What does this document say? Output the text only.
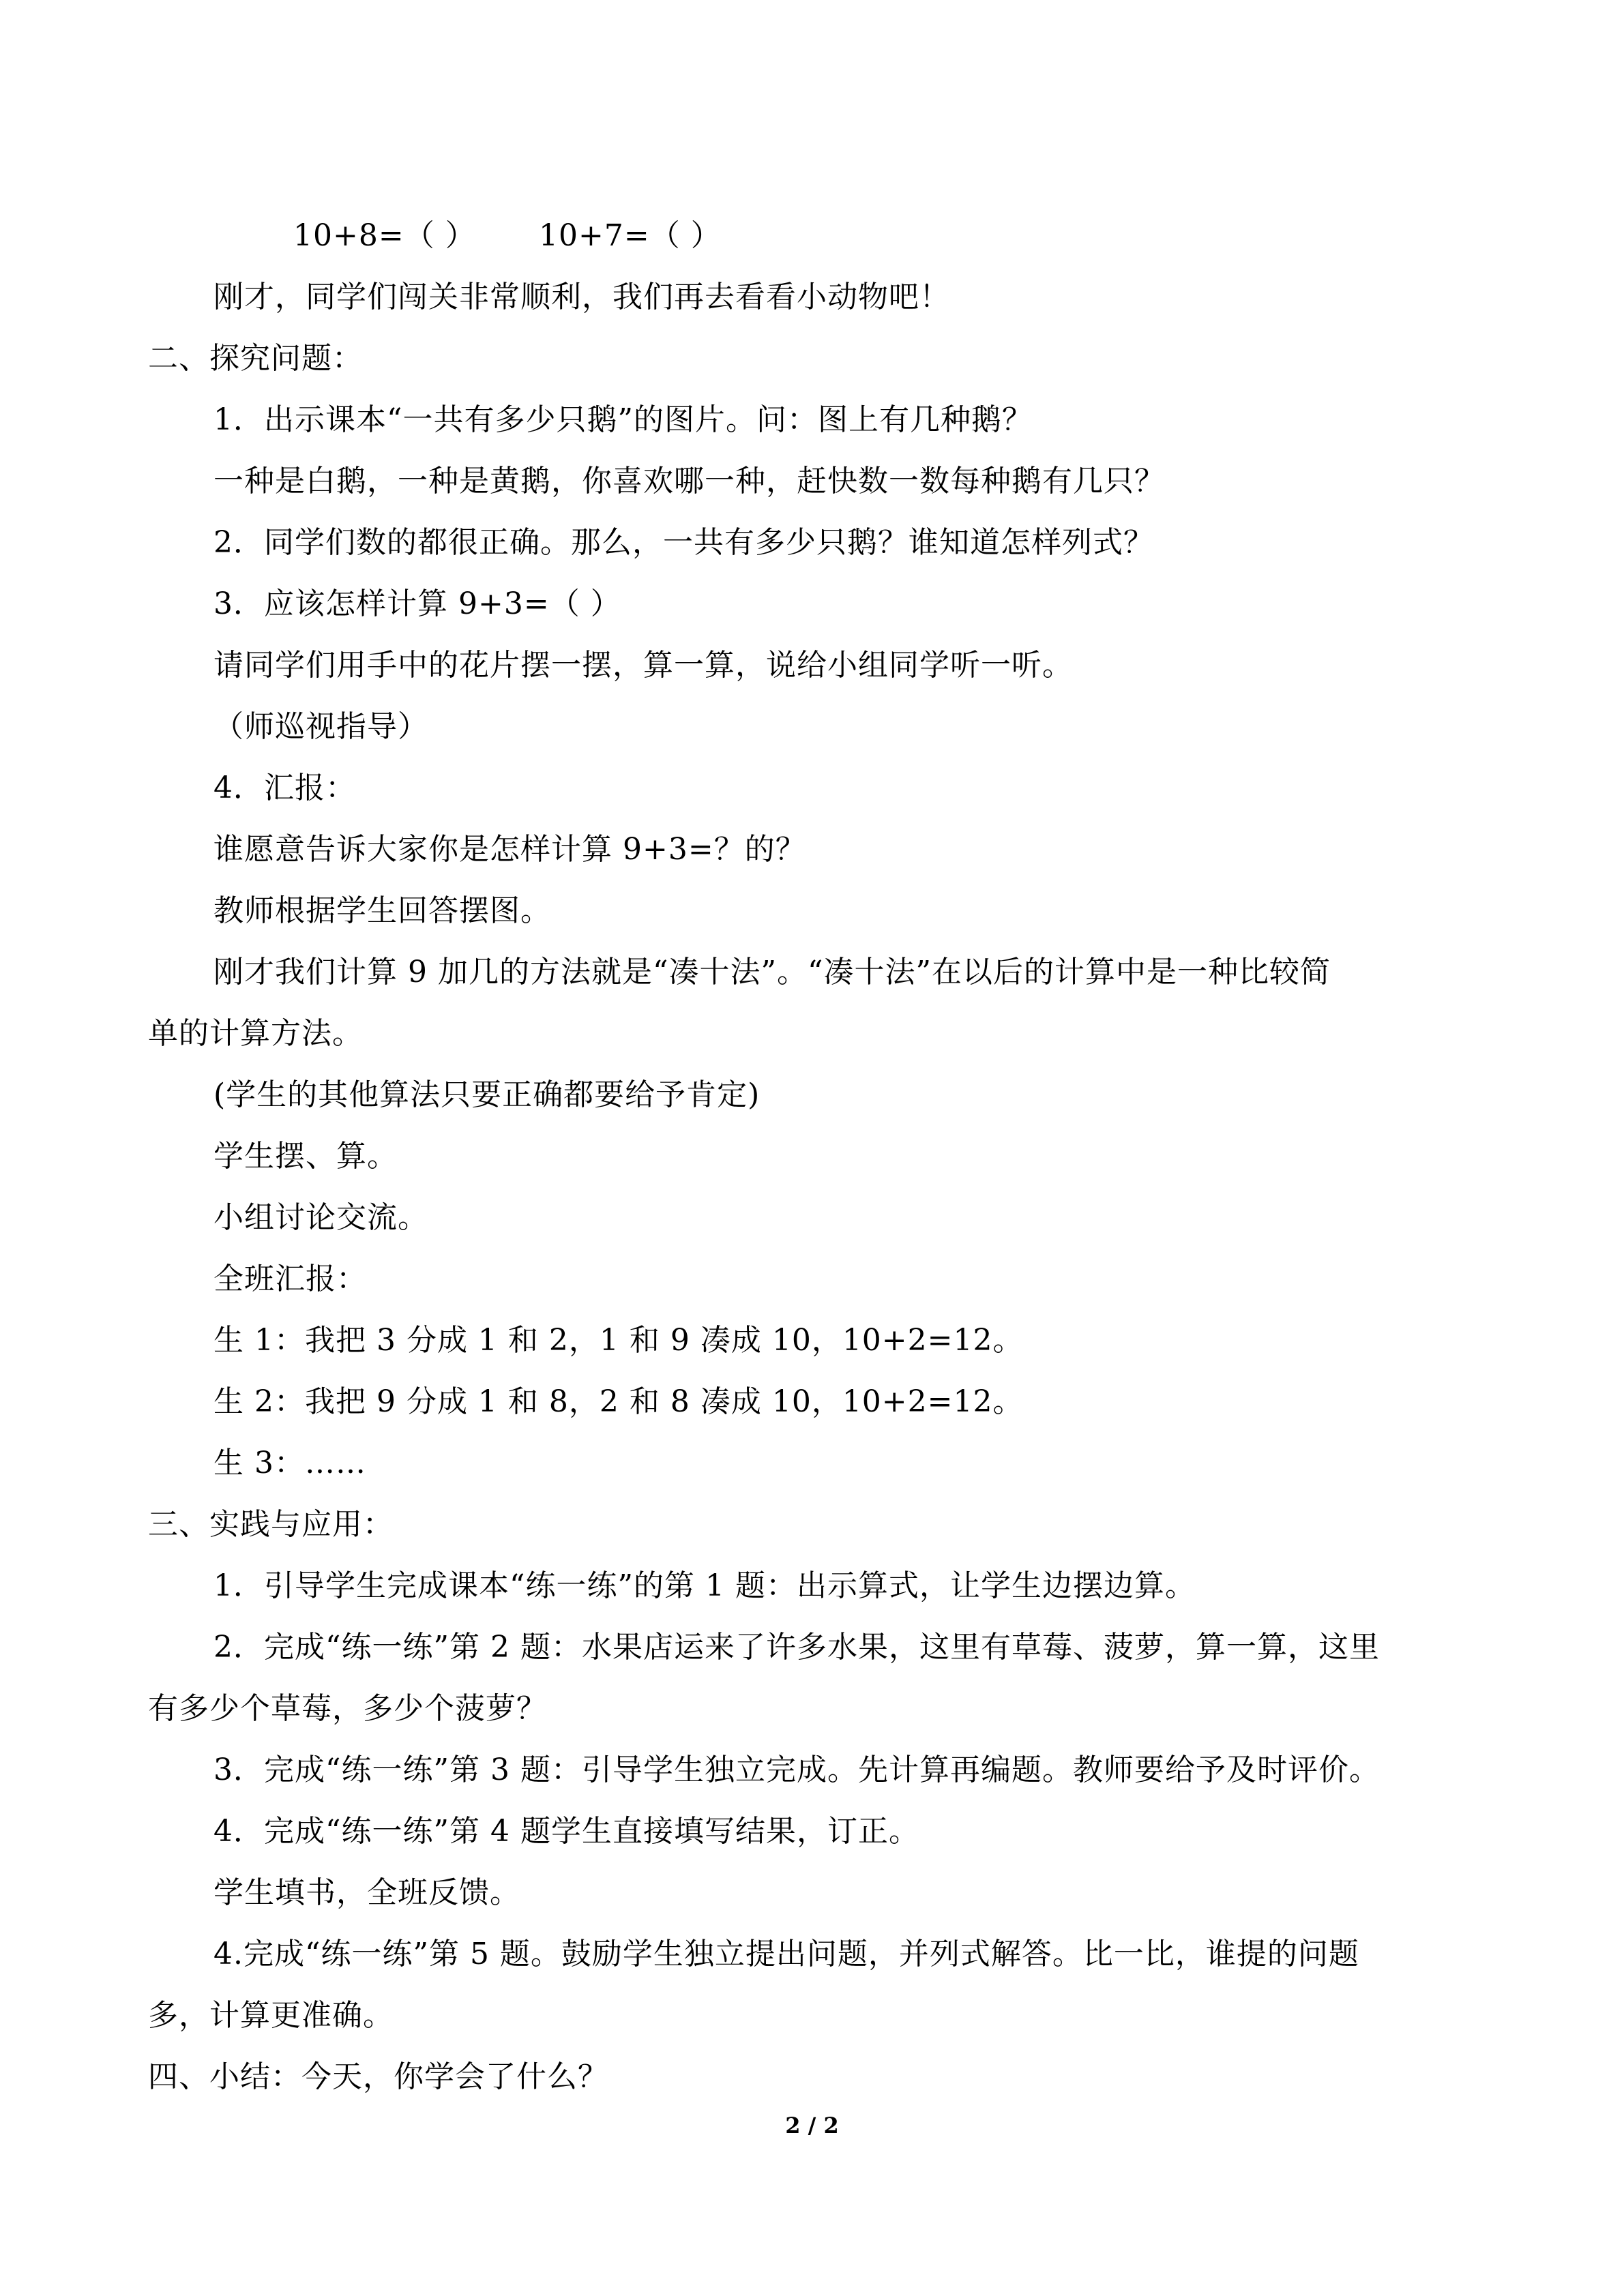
10+8=（ ） 10+7=（ ）
刚才，同学们闯关非常顺利，我们再去看看小动物吧！
二、探究问题：
1．出示课本“一共有多少只鹅”的图片。问：图上有几种鹅？
一种是白鹅，一种是黄鹅，你喜欢哪一种，赶快数一数每种鹅有几只？
2．同学们数的都很正确。那么，一共有多少只鹅？谁知道怎样列式？
3．应该怎样计算 9+3=（ ）
请同学们用手中的花片摆一摆，算一算，说给小组同学听一听。
（师巡视指导）
4．汇报：
谁愿意告诉大家你是怎样计算 9+3=？的？
教师根据学生回答摆图。
刚才我们计算 9 加几的方法就是“凑十法”。“凑十法”在以后的计算中是一种比较简
单的计算方法。
(学生的其他算法只要正确都要给予肯定)
学生摆、算。
小组讨论交流。
全班汇报：
生 1：我把 3 分成 1 和 2，1 和 9 凑成 10，10+2=12。
生 2：我把 9 分成 1 和 8，2 和 8 凑成 10，10+2=12。
生 3：……
三、实践与应用：
1．引导学生完成课本“练一练”的第 1 题：出示算式，让学生边摆边算。
2．完成“练一练”第 2 题：水果店运来了许多水果，这里有草莓、菠萝，算一算，这里
有多少个草莓，多少个菠萝？
3．完成“练一练”第 3 题：引导学生独立完成。先计算再编题。教师要给予及时评价。
4．完成“练一练”第 4 题学生直接填写结果，订正。
学生填书，全班反馈。
4.完成“练一练”第 5 题。鼓励学生独立提出问题，并列式解答。比一比，谁提的问题
多，计算更准确。
四、小结：今天，你学会了什么？
2 / 2
